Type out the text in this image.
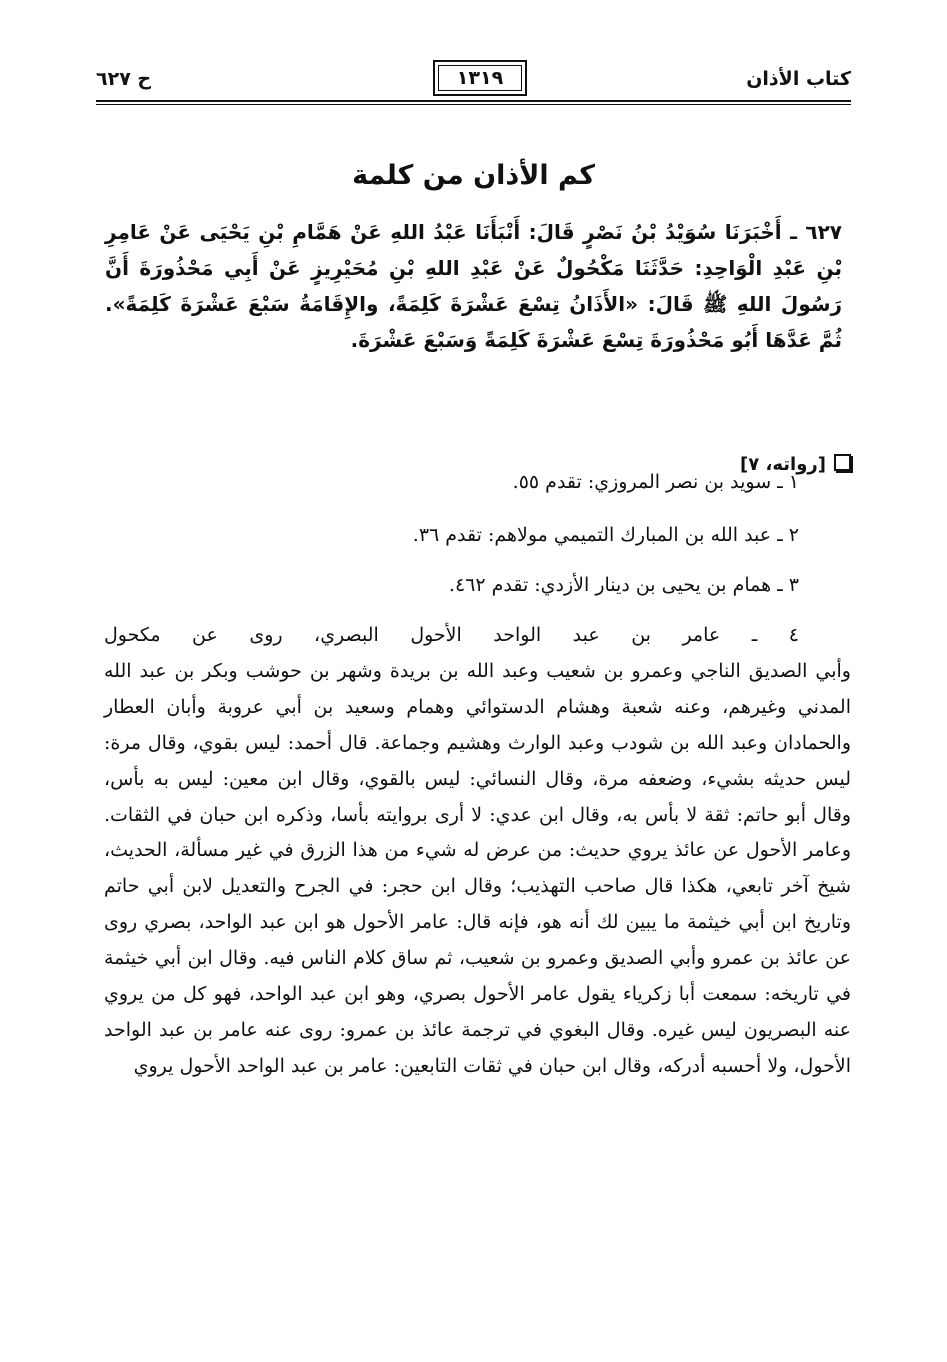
كتاب الأذان
١٣١٩
ح ٦٢٧
كم الأذان من كلمة
٦٢٧ ـ أَخْبَرَنَا سُوَيْدُ بْنُ نَصْرٍ قَالَ: أَنْبَأَنَا عَبْدُ اللهِ عَنْ هَمَّامِ بْنِ يَحْيَى عَنْ عَامِرِ بْنِ عَبْدِ الْوَاحِدِ: حَدَّثَنَا مَكْحُولٌ عَنْ عَبْدِ اللهِ بْنِ مُحَيْرِيزٍ عَنْ أَبِي مَحْذُورَةَ أَنَّ رَسُولَ اللهِ ﷺ قَالَ: «الأَذَانُ تِسْعَ عَشْرَةَ كَلِمَةً، والإِقَامَةُ سَبْعَ عَشْرَةَ كَلِمَةً». ثُمَّ عَدَّهَا أَبُو مَحْذُورَةَ تِسْعَ عَشْرَةَ كَلِمَةً وَسَبْعَ عَشْرَةَ.
[رواته، ٧]
١ ـ سويد بن نصر المروزي: تقدم ٥٥.
٢ ـ عبد الله بن المبارك التميمي مولاهم: تقدم ٣٦.
٣ ـ همام بن يحيى بن دينار الأزدي: تقدم ٤٦٢.
٤ ـ عامر بن عبد الواحد الأحول البصري، روى عن مكحول
وأبي الصديق الناجي وعمرو بن شعيب وعبد الله بن بريدة وشهر بن حوشب وبكر بن عبد الله المدني وغيرهم، وعنه شعبة وهشام الدستوائي وهمام وسعيد بن أبي عروبة وأبان العطار والحمادان وعبد الله بن شودب وعبد الوارث وهشيم وجماعة. قال أحمد: ليس بقوي، وقال مرة: ليس حديثه بشيء، وضعفه مرة، وقال النسائي: ليس بالقوي، وقال ابن معين: ليس به بأس، وقال أبو حاتم: ثقة لا بأس به، وقال ابن عدي: لا أرى بروايته بأسا، وذكره ابن حبان في الثقات. وعامر الأحول عن عائذ يروي حديث: من عرض له شيء من هذا الزرق في غير مسألة، الحديث، شيخ آخر تابعي، هكذا قال صاحب التهذيب؛ وقال ابن حجر: في الجرح والتعديل لابن أبي حاتم وتاريخ ابن أبي خيثمة ما يبين لك أنه هو، فإنه قال: عامر الأحول هو ابن عبد الواحد، بصري روى عن عائذ بن عمرو وأبي الصديق وعمرو بن شعيب، ثم ساق كلام الناس فيه. وقال ابن أبي خيثمة في تاريخه: سمعت أبا زكرياء يقول عامر الأحول بصري، وهو ابن عبد الواحد، فهو كل من يروي عنه البصريون ليس غيره. وقال البغوي في ترجمة عائذ بن عمرو: روى عنه عامر بن عبد الواحد الأحول، ولا أحسبه أدركه، وقال ابن حبان في ثقات التابعين: عامر بن عبد الواحد الأحول يروي
